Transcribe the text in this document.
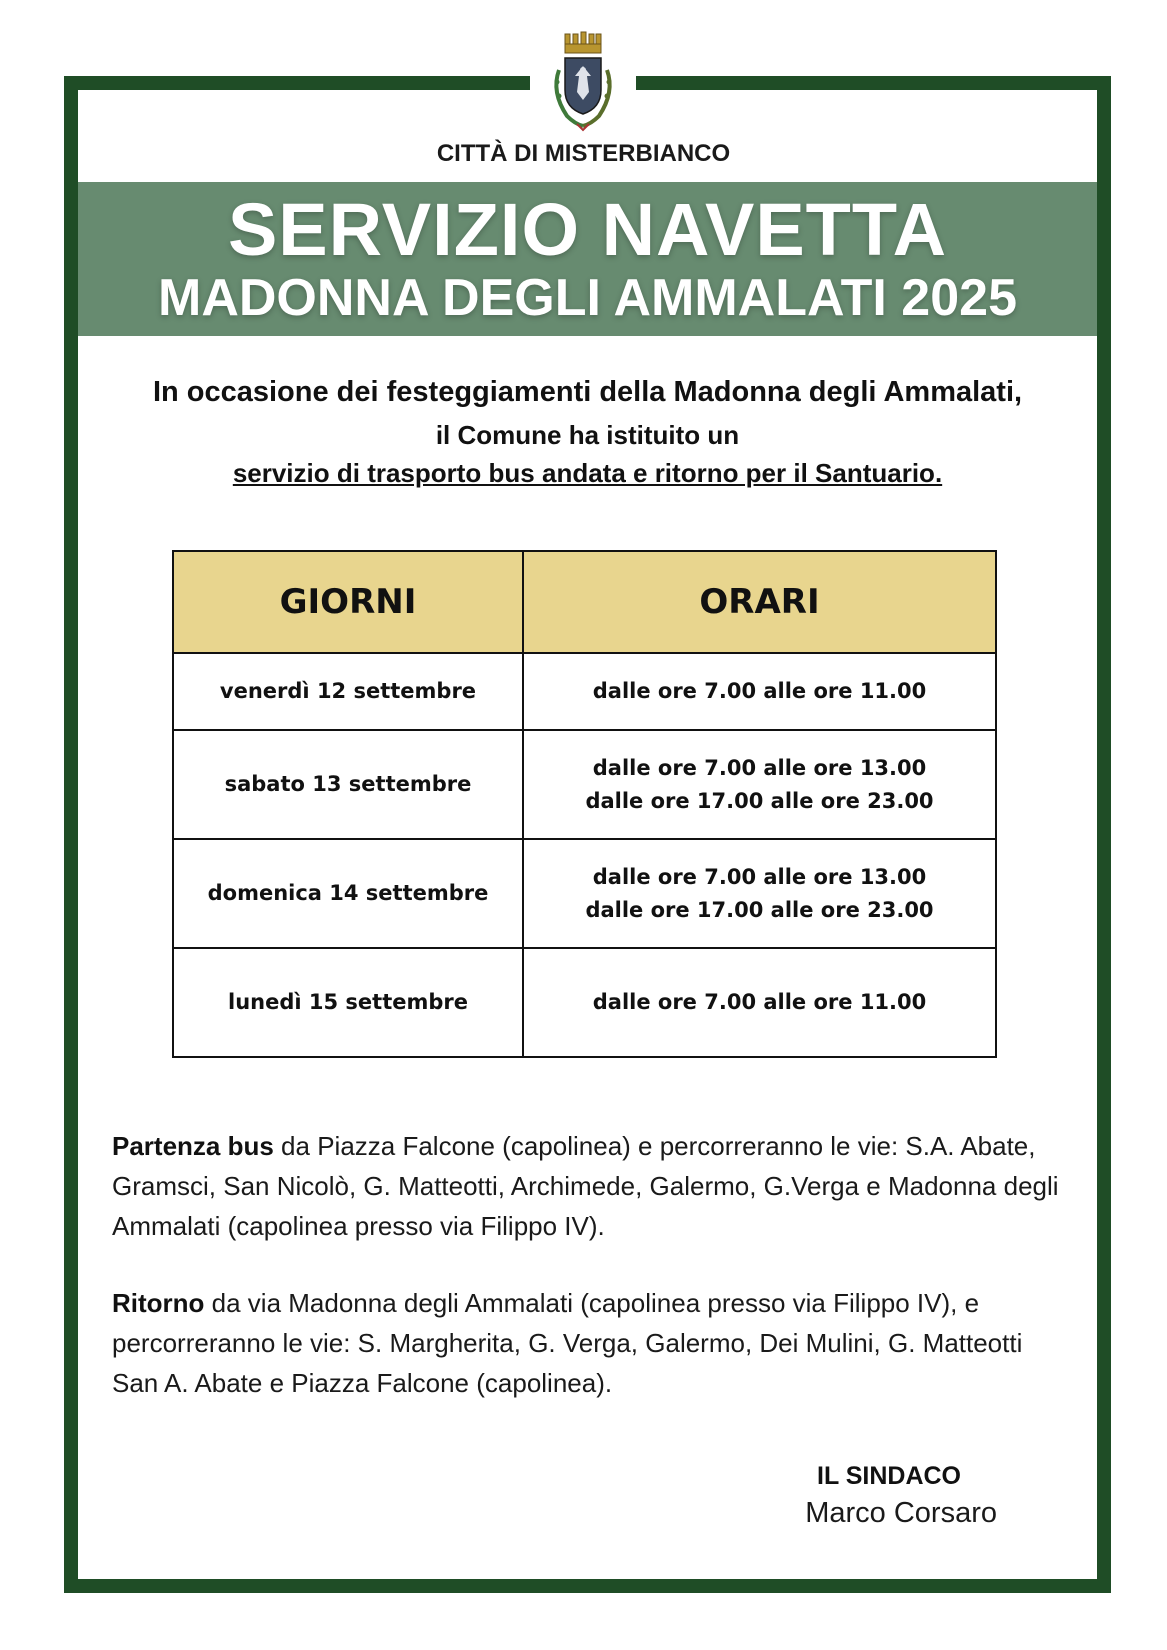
CITTÀ DI MISTERBIANCO
SERVIZIO NAVETTA
MADONNA DEGLI AMMALATI 2025
In occasione dei festeggiamenti della Madonna degli Ammalati,
il Comune ha istituito un
servizio di trasporto bus andata e ritorno per il Santuario.
GIORNI	ORARI
venerdì 12 settembre	dalle ore 7.00 alle ore 11.00

sabato 13 settembre	dalle ore 7.00 alle ore 13.00
dalle ore 17.00 alle ore 23.00

domenica 14 settembre	dalle ore 7.00 alle ore 13.00
dalle ore 17.00 alle ore 23.00

lunedì 15 settembre	dalle ore 7.00 alle ore 11.00
Partenza bus da Piazza Falcone (capolinea) e percorreranno le vie: S.A. Abate, Gramsci, San Nicolò, G. Matteotti, Archimede, Galermo, G.Verga e Madonna degli Ammalati (capolinea presso via Filippo IV).
Ritorno da via Madonna degli Ammalati (capolinea presso via Filippo IV), e percorreranno le vie: S. Margherita, G. Verga, Galermo, Dei Mulini, G. Matteotti San A. Abate e Piazza Falcone (capolinea).
IL SINDACO
Marco Corsaro
